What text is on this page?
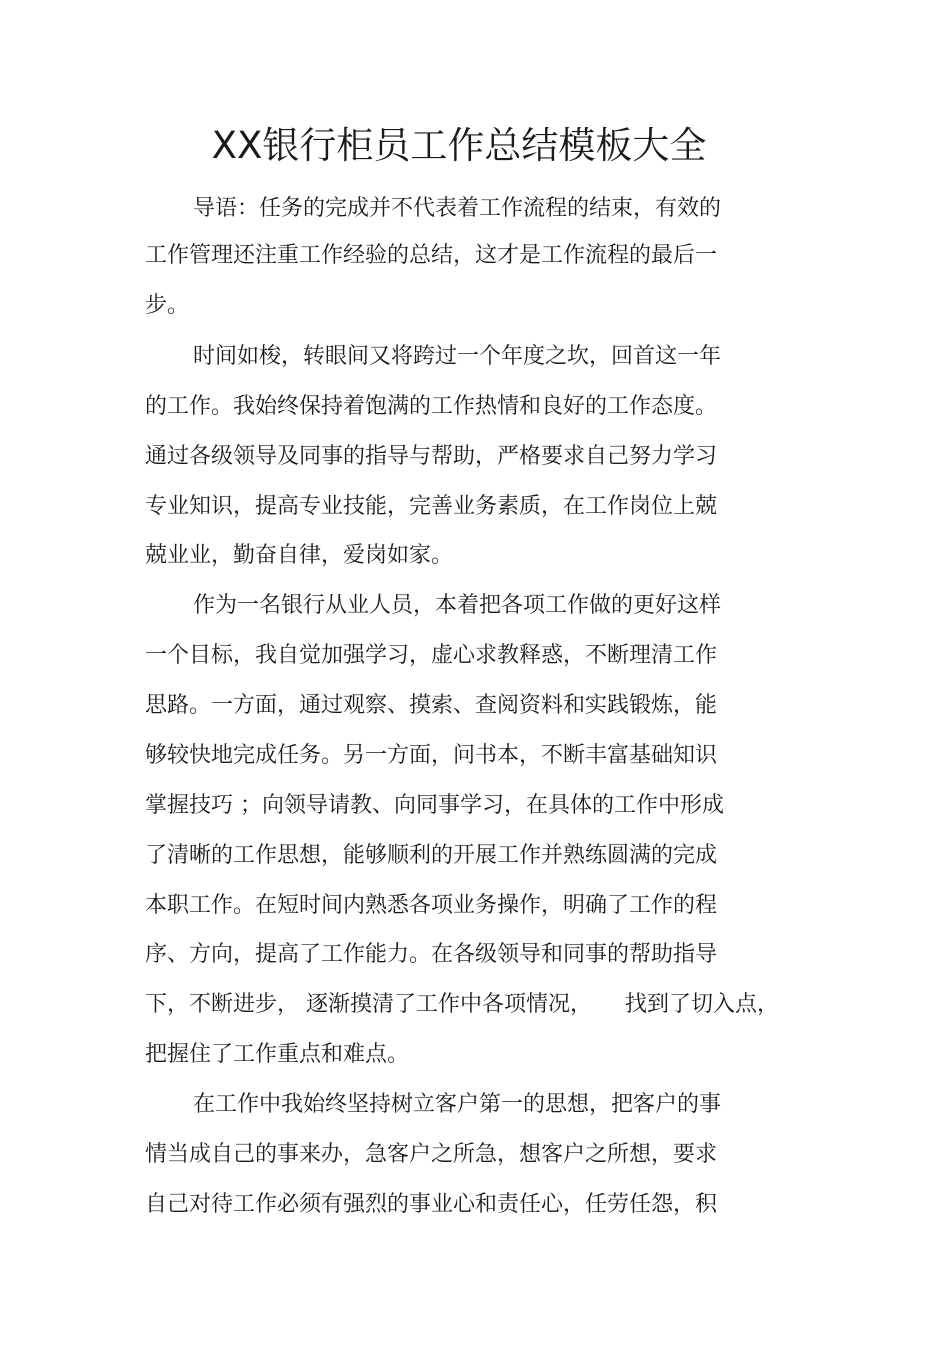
XX银行柜员工作总结模板大全

导语：任务的完成并不代表着工作流程的结束，有效的

工作管理还注重工作经验的总结，这才是工作流程的最后一

步。

时间如梭，转眼间又将跨过一个年度之坎，回首这一年

的工作。我始终保持着饱满的工作热情和良好的工作态度。

通过各级领导及同事的指导与帮助，严格要求自己努力学习

专业知识，提高专业技能，完善业务素质，在工作岗位上兢

兢业业，勤奋自律，爱岗如家。

作为一名银行从业人员，本着把各项工作做的更好这样

一个目标，我自觉加强学习，虚心求教释惑，不断理清工作

思路。一方面，通过观察、摸索、查阅资料和实践锻炼，能

够较快地完成任务。另一方面，问书本，不断丰富基础知识

掌握技巧 ；向领导请教、向同事学习，在具体的工作中形成

了清晰的工作思想，能够顺利的开展工作并熟练圆满的完成

本职工作。在短时间内熟悉各项业务操作，明确了工作的程

序、方向，提高了工作能力。在各级领导和同事的帮助指导

下，不断进步， 逐渐摸清了工作中各项情况，　　找到了切入点，

把握住了工作重点和难点。

在工作中我始终坚持树立客户第一的思想，把客户的事

情当成自己的事来办，急客户之所急，想客户之所想，要求

自己对待工作必须有强烈的事业心和责任心，任劳任怨，积
